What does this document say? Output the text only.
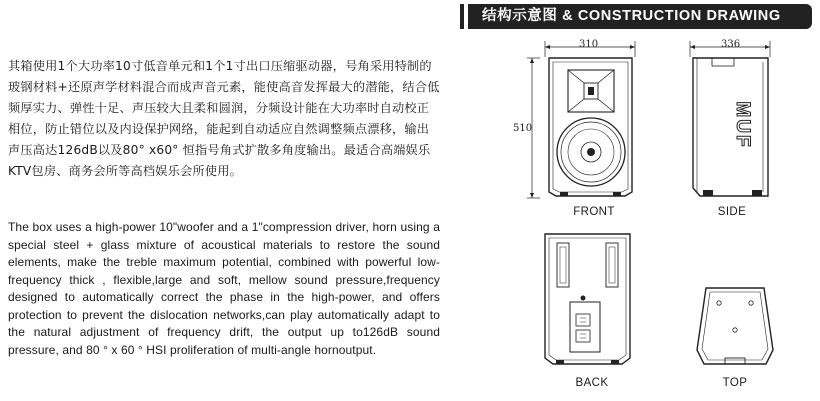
其箱使用1个大功率10寸低音单元和1个1寸出口压缩驱动器，号角采用特制的玻钢材料+还原声学材料混合而成声音元素，能使高音发挥最大的潜能，结合低频厚实力、弹性十足、声压较大且柔和圆润，分频设计能在大功率时自动校正相位，防止错位以及内设保护网络，能起到自动适应自然调整频点漂移，输出声压高达126dB以及80° x60° 恒指号角式扩散多角度输出。最适合高端娱乐KTV包房、商务会所等高档娱乐会所使用。
The box uses a high-power 10"woofer and a 1"compression driver, horn using a special steel + glass mixture of acoustical materials to restore the sound elements, make the treble maximum potential, combined with powerful low-frequency thick , flexible,large and soft, mellow sound pressure,frequency designed to automatically correct the phase in the high-power, and offers protection to prevent the dislocation networks,can play automatically adapt to the natural adjustment of frequency drift, the output up to126dB sound pressure, and 80 ° x 60 ° HSI proliferation of multi-angle hornoutput.
结构示意图 & CONSTRUCTION DRAWING
310
510
336
MUF
FRONT	SIDE
BACK	TOP
